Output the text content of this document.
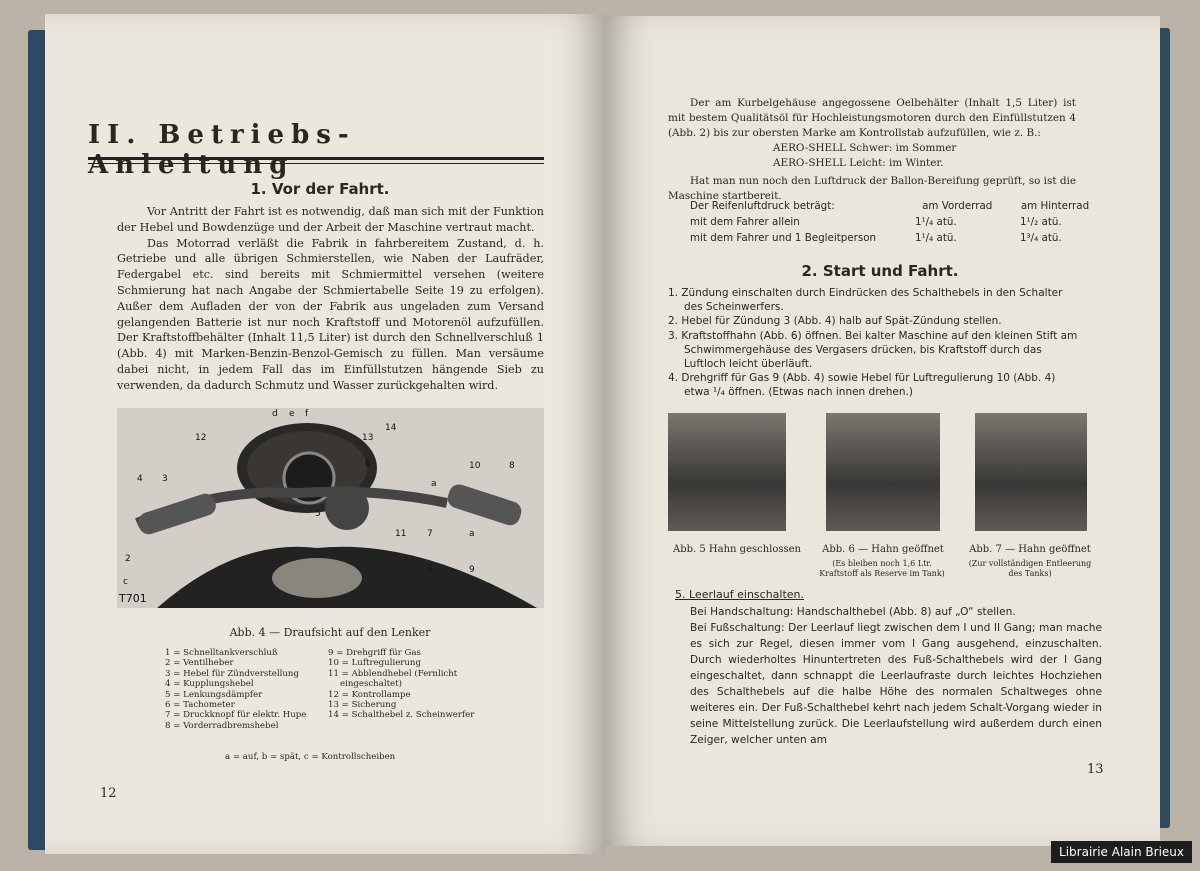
II. Betriebs-Anleitung
1. Vor der Fahrt.

Vor Antritt der Fahrt ist es notwendig, daß man sich mit der Funktion der Hebel und Bowdenzüge und der Arbeit der Maschine vertraut macht.

Das Motorrad verläßt die Fabrik in fahrbereitem Zustand, d. h. Getriebe und alle übrigen Schmierstellen, wie Naben der Laufräder, Federgabel etc. sind bereits mit Schmiermittel versehen (weitere Schmierung hat nach Angabe der Schmiertabelle Seite 19 zu erfolgen). Außer dem Aufladen der von der Fabrik aus ungeladen zum Versand gelangenden Batterie ist nur noch Kraftstoff und Motorenöl aufzufüllen. Der Kraftstoffbehälter (Inhalt 11,5 Liter) ist durch den Schnellverschluß 1 (Abb. 4) mit Marken-Benzin-Benzol-Gemisch zu füllen. Man versäume dabei nicht, in jedem Fall das im Einfüllstutzen hängende Sieb zu verwenden, da dadurch Schmutz und Wasser zurückgehalten wird.

d e f
14
12	13
6	10	8
4 3	a
5
11 7	a
2
9
1
c
T701
Abb. 4 — Draufsicht auf den Lenker
1 = Schnelltankverschluß
2 = Ventilheber
3 = Hebel für Zündverstellung
4 = Kupplungshebel
5 = Lenkungsdämpfer
6 = Tachometer
7 = Druckknopf für elektr. Hupe
8 = Vorderradbremshebel
9 = Drehgriff für Gas
10 = Luftregulierung
11 = Abblendhebel (Fernlicht
eingeschaltet)
12 = Kontrollampe
13 = Sicherung
14 = Schalthebel z. Scheinwerfer
a = auf, b = spät, c = Kontrollscheiben
12

Der am Kurbelgehäuse angegossene Oelbehälter (Inhalt 1,5 Liter) ist mit bestem Qualitätsöl für Hochleistungsmotoren durch den Einfüllstutzen 4 (Abb. 2) bis zur obersten Marke am Kontrollstab aufzufüllen, wie z. B.:

AERO-SHELL Schwer: im Sommer

AERO-SHELL Leicht: im Winter.

Hat man nun noch den Luftdruck der Ballon-Bereifung geprüft, so ist die Maschine startbereit.

Der Reifenluftdruck beträgt:	am Vorderrad	am Hinterrad
mit dem Fahrer allein	1¹/₄ atü.	1¹/₂ atü.
mit dem Fahrer und 1 Begleitperson	1¹/₄ atü.	1³/₄ atü.
2. Start und Fahrt.

1. Zündung einschalten durch Eindrücken des Schalthebels in den Schalter des Scheinwerfers.

2. Hebel für Zündung 3 (Abb. 4) halb auf Spät-Zündung stellen.

3. Kraftstoffhahn (Abb. 6) öffnen. Bei kalter Maschine auf den kleinen Stift am Schwimmergehäuse des Vergasers drücken, bis Kraftstoff durch das Luftloch leicht überläuft.

4. Drehgriff für Gas 9 (Abb. 4) sowie Hebel für Luftregulierung 10 (Abb. 4) etwa ¹/₄ öffnen. (Etwas nach innen drehen.)

Abb. 5 Hahn geschlossen	Abb. 6 — Hahn geöffnet	Abb. 7 — Hahn geöffnet
(Es bleiben noch 1,6 Ltr. Kraftstoff als Reserve im Tank)
(Zur vollständigen Entleerung des Tanks)
5. Leerlauf einschalten.

Bei Handschaltung: Handschalthebel (Abb. 8) auf „O“ stellen.

Bei Fußschaltung: Der Leerlauf liegt zwischen dem I und II Gang; man mache es sich zur Regel, diesen immer vom I Gang ausgehend, einzuschalten. Durch wiederholtes Hinuntertreten des Fuß-Schalthebels wird der I Gang eingeschaltet, dann schnappt die Leerlaufraste durch leichtes Hochziehen des Schalthebels auf die halbe Höhe des normalen Schaltweges ohne weiteres ein. Der Fuß-Schalthebel kehrt nach jedem Schalt-Vorgang wieder in seine Mittelstellung zurück. Die Leerlaufstellung wird außerdem durch einen Zeiger, welcher unten am

13
Librairie Alain Brieux
